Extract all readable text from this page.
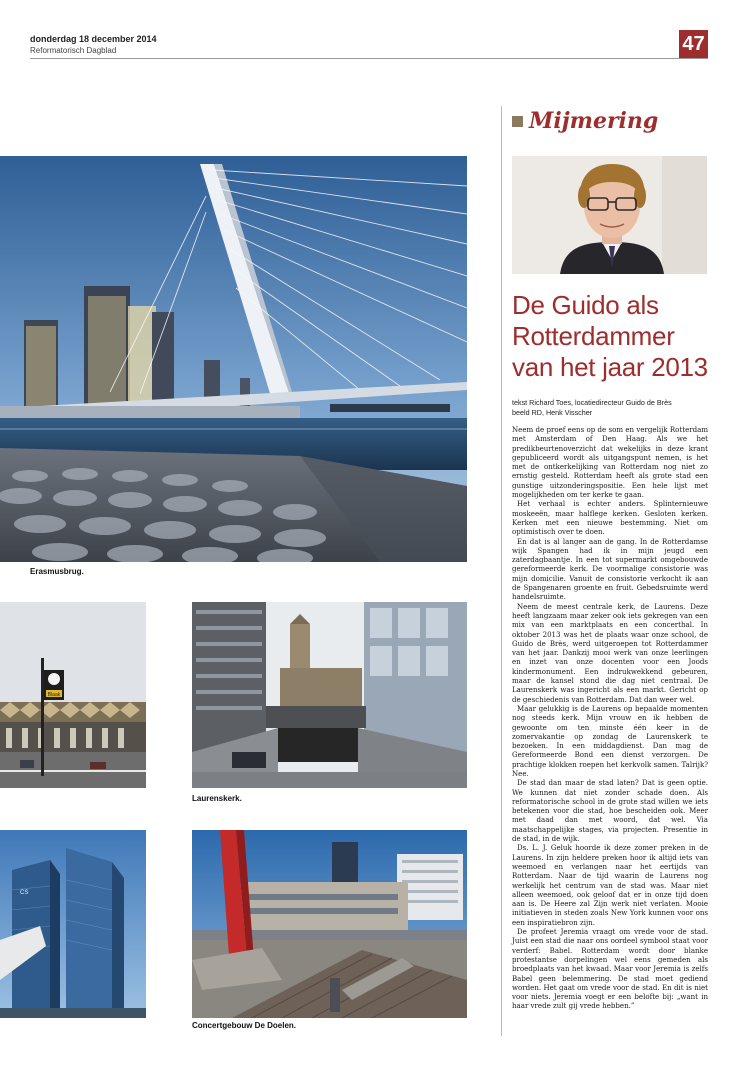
donderdag 18 december 2014
Reformatorisch Dagblad	47
Mijmering
Erasmusbrug.
Blaak
Laurenskerk.
CS
Concertgebouw De Doelen.
De Guido als Rotterdammer van het jaar 2013
tekst Richard Toes, locatiedirecteur Guido de Brès
beeld RD, Henk Visscher

Neem de proef eens op de som en vergelijk Rotterdam met Amsterdam of Den Haag. Als we het predikbeurtenoverzicht dat wekelijks in deze krant gepubliceerd wordt als uitgangspunt nemen, is het met de ontkerkelijking van Rotterdam nog niet zo ernstig gesteld. Rotterdam heeft als grote stad een gunstige uitzonderingspositie. Een hele lijst met mogelijkheden om ter kerke te gaan.

Het verhaal is echter anders. Splinternieuwe moskeeën, maar halflege kerken. Gesloten kerken. Kerken met een nieuwe bestemming. Niet om optimistisch over te doen.

En dat is al langer aan de gang. In de Rotterdamse wijk Spangen had ik in mijn jeugd een zaterdagbaantje. In een tot supermarkt omgebouwde gereformeerde kerk. De voormalige consistorie was mijn domicilie. Vanuit de consistorie verkocht ik aan de Spangenaren groente en fruit. Gebedsruimte werd handelsruimte.

Neem de meest centrale kerk, de Laurens. Deze heeft langzaam maar zeker ook iets gekregen van een mix van een marktplaats en een concerthal. In oktober 2013 was het de plaats waar onze school, de Guido de Brès, werd uitgeroepen tot Rotterdammer van het jaar. Dankzij mooi werk van onze leerlingen en inzet van onze docenten voor een Joods kindermonument. Een indrukwekkend gebeuren, maar de kansel stond die dag niet centraal. De Laurenskerk was ingericht als een markt. Gericht op de geschiedenis van Rotterdam. Dat dan weer wel.

Maar gelukkig is de Laurens op bepaalde momenten nog steeds kerk. Mijn vrouw en ik hebben de gewoonte om ten minste één keer in de zomervakantie op zondag de Laurenskerk te bezoeken. In een middagdienst. Dan mag de Gereformeerde Bond een dienst verzorgen. De prachtige klokken roepen het kerkvolk samen. Talrijk? Nee.

De stad dan maar de stad laten? Dat is geen optie. We kunnen dat niet zonder schade doen. Als reformatorische school in de grote stad willen we iets betekenen voor die stad, hoe bescheiden ook. Meer met daad dan met woord, dat wel. Via maatschappelijke stages, via projecten. Presentie in de stad, in de wijk.

Ds. L. J. Geluk hoorde ik deze zomer preken in de Laurens. In zijn heldere preken hoor ik altijd iets van weemoed en verlangen naar het eertijds van Rotterdam. Naar de tijd waarin de Laurens nog werkelijk het centrum van de stad was. Maar niet alleen weemoed, ook geloof dat er in onze tijd doen aan is. De Heere zal Zijn werk niet verlaten. Mooie initiatieven in steden zoals New York kunnen voor ons een inspiratiebron zijn.

De profeet Jeremia vraagt om vrede voor de stad. Juist een stad die naar ons oordeel symbool staat voor verderf: Babel. Rotterdam wordt door blanke protestantse dorpelingen wel eens gemeden als broedplaats van het kwaad. Maar voor Jeremia is zelfs Babel geen belemmering. De stad moet gediend worden. Het gaat om vrede voor de stad. En dit is niet voor niets. Jeremia voegt er een belofte bij: „want in haar vrede zult gij vrede hebben.”
